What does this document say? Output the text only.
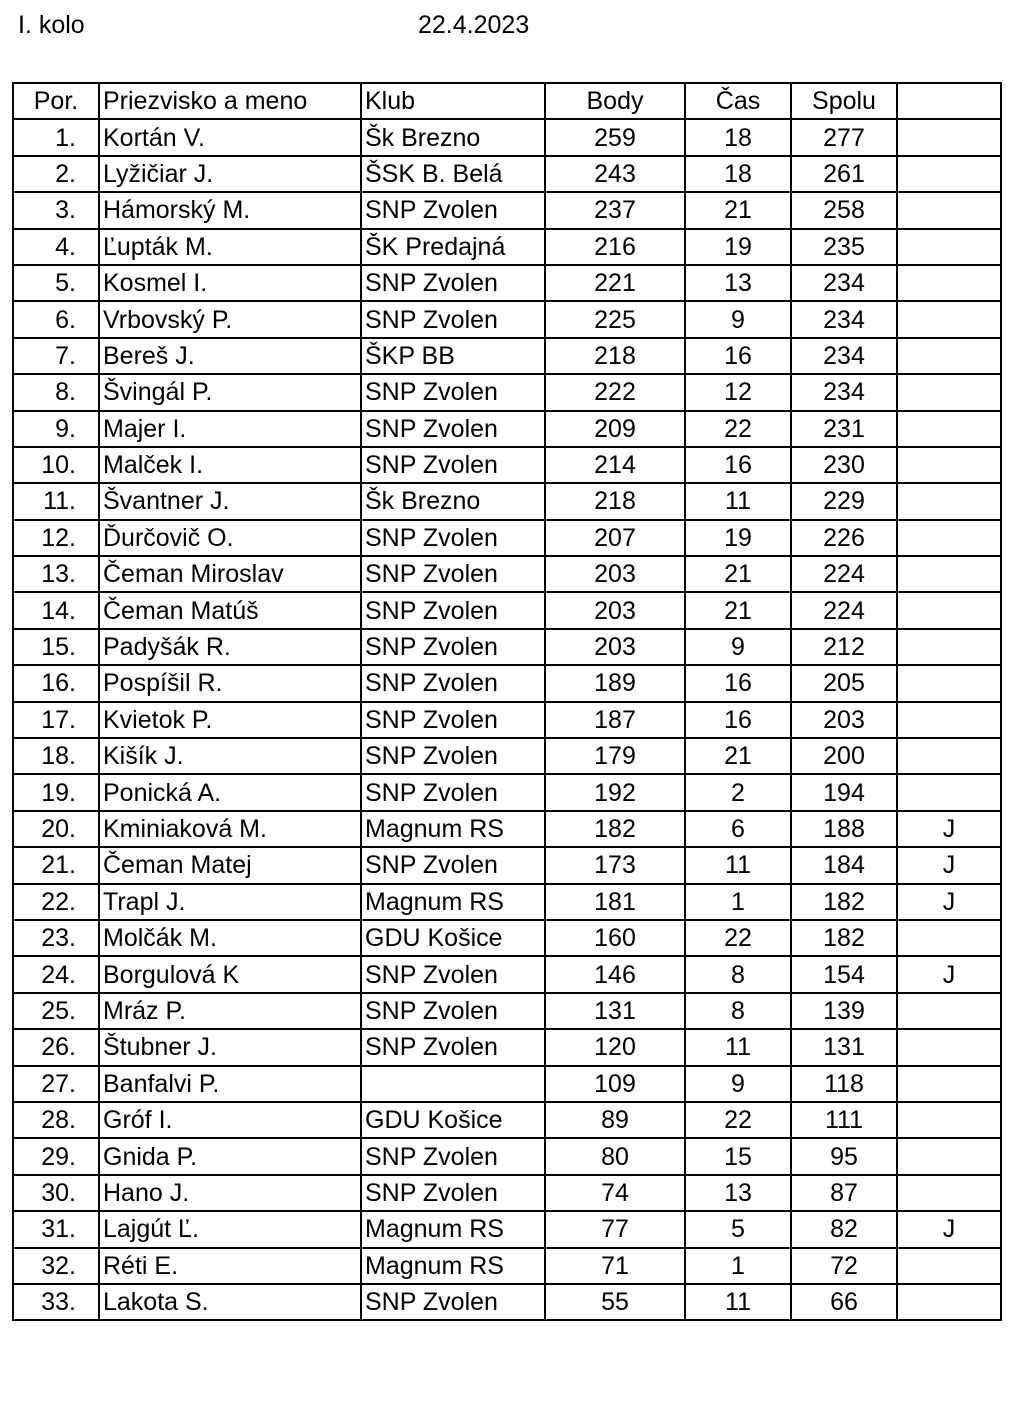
I. kolo	22.4.2023
Por.	Priezvisko a meno	Klub	Body	Čas	Spolu	
1.	Kortán V.	Šk Brezno	259	18	277	
2.	Lyžičiar J.	ŠSK B. Belá	243	18	261	
3.	Hámorský M.	SNP Zvolen	237	21	258	
4.	Ľupták M.	ŠK Predajná	216	19	235	
5.	Kosmel I.	SNP Zvolen	221	13	234	
6.	Vrbovský P.	SNP Zvolen	225	9	234	
7.	Bereš J.	ŠKP BB	218	16	234	
8.	Švingál P.	SNP Zvolen	222	12	234	
9.	Majer I.	SNP Zvolen	209	22	231	
10.	Malček I.	SNP Zvolen	214	16	230	
11.	Švantner J.	Šk Brezno	218	11	229	
12.	Ďurčovič O.	SNP Zvolen	207	19	226	
13.	Čeman Miroslav	SNP Zvolen	203	21	224	
14.	Čeman Matúš	SNP Zvolen	203	21	224	
15.	Padyšák R.	SNP Zvolen	203	9	212	
16.	Pospíšil R.	SNP Zvolen	189	16	205	
17.	Kvietok P.	SNP Zvolen	187	16	203	
18.	Kišík J.	SNP Zvolen	179	21	200	
19.	Ponická A.	SNP Zvolen	192	2	194	
20.	Kminiaková M.	Magnum RS	182	6	188	J
21.	Čeman Matej	SNP Zvolen	173	11	184	J
22.	Trapl J.	Magnum RS	181	1	182	J
23.	Molčák M.	GDU Košice	160	22	182	
24.	Borgulová K	SNP Zvolen	146	8	154	J
25.	Mráz P.	SNP Zvolen	131	8	139	
26.	Štubner J.	SNP Zvolen	120	11	131	
27.	Banfalvi P.		109	9	118	
28.	Gróf I.	GDU Košice	89	22	111	
29.	Gnida P.	SNP Zvolen	80	15	95	
30.	Hano J.	SNP Zvolen	74	13	87	
31.	Lajgút Ľ.	Magnum RS	77	5	82	J
32.	Réti E.	Magnum RS	71	1	72	
33.	Lakota S.	SNP Zvolen	55	11	66	
